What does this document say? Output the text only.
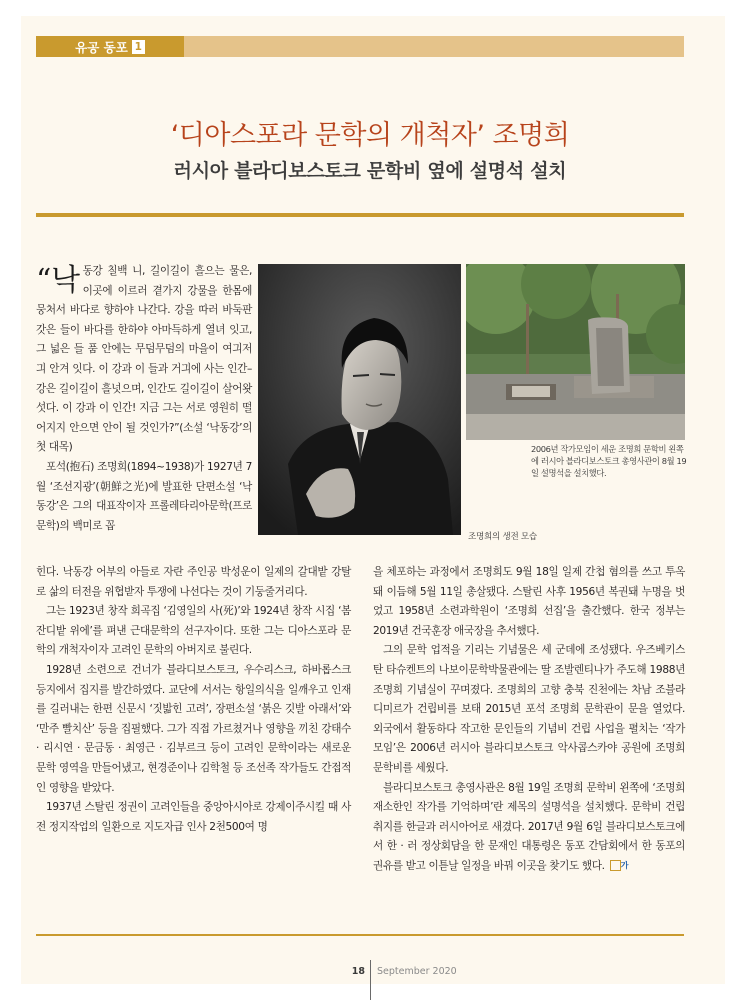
유공 동포 1
‘디아스포라 문학의 개척자’ 조명희
러시아 블라디보스토크 문학비 옆에 설명석 설치

“낙 동강 칠백 니, 길이길이 흘으는 물은, 이곳에 이르러 곁가지 강물을 한몸에 뭉처서 바다로 향하야 나간다. 강을 따러 바둑판 갓은 들이 바다를 한하야 아마득하게 열녀 잇고, 그 넓은 들 품 안에는 무덤무덤의 마을이 여긔저긔 안겨 잇다. 이 강과 이 들과 거긔에 사는 인간–강은 길이길이 흘넛으며, 인간도 길이길이 살어왓섯다. 이 강과 이 인간! 지금 그는 서로 영원히 떨어지지 안으면 안이 될 것인가?”(소설 ‘낙동강’의 첫 대목)

포석(抱石) 조명희(1894~1938)가 1927년 7월 ‘조선지광’(朝鮮之光)에 발표한 단편소설 ‘낙동강’은 그의 대표작이자 프롤레타리아문학(프로문학)의 백미로 꼽

조명희의 생전 모습
2006년 작가모임이 세운 조명희 문학비 왼쪽에 러시아 블라디보스토크 총영사관이 8월 19일 설명석을 설치했다.

힌다. 낙동강 어부의 아들로 자란 주인공 박성운이 일제의 갈대밭 강탈로 삶의 터전을 위협받자 투쟁에 나선다는 것이 기둥줄거리다.

그는 1923년 창작 희곡집 ‘김영일의 사(死)’와 1924년 창작 시집 ‘봄 잔디밭 위에’를 펴낸 근대문학의 선구자이다. 또한 그는 디아스포라 문학의 개척자이자 고려인 문학의 아버지로 불린다.

1928년 소련으로 건너가 블라디보스토크, 우수리스크, 하바롭스크 등지에서 집지를 발간하였다. 교단에 서서는 항일의식을 일깨우고 인재를 길러내는 한편 신문시 ‘짓밟힌 고려’, 장편소설 ‘붉은 깃발 아래서’와 ‘만주 빨치산’ 등을 집필했다. 그가 직접 가르쳤거나 영향을 끼친 강태수 · 리시연 · 문금동 · 최영근 · 김부르크 등이 고려인 문학이라는 새로운 문학 영역을 만들어냈고, 현경준이나 김학철 등 조선족 작가들도 간접적인 영향을 받았다.

1937년 스탈린 정권이 고려인들을 중앙아시아로 강제이주시킬 때 사전 정지작업의 일환으로 지도자급 인사 2천500여 명

을 체포하는 과정에서 조명희도 9월 18일 일제 간첩 혐의를 쓰고 투옥돼 이듬해 5월 11일 총살됐다. 스탈린 사후 1956년 복권돼 누명을 벗었고 1958년 소련과학원이 ‘조명희 선집’을 출간했다. 한국 정부는 2019년 건국훈장 애국장을 추서했다.

그의 문학 업적을 기리는 기념물은 세 군데에 조성됐다. 우즈베키스탄 타슈켄트의 나보이문학박물관에는 딸 조발렌티나가 주도해 1988년 조명희 기념실이 꾸며졌다. 조명희의 고향 충북 진천에는 차남 조블라디미르가 건립비를 보태 2015년 포석 조명희 문학관이 문을 열었다. 외국에서 활동하다 작고한 문인들의 기념비 건립 사업을 펼치는 ‘작가모임’은 2006년 러시아 블라디보스토크 악사콥스카야 공원에 조명희 문학비를 세웠다.

블라디보스토크 총영사관은 8월 19일 조명희 문학비 왼쪽에 ‘조명희 재소한인 작가를 기억하며’란 제목의 설명석을 설치했다. 문학비 건립 취지를 한글과 러시아어로 새겼다. 2017년 9월 6일 블라디보스토크에서 한 · 러 정상회담을 한 문재인 대통령은 동포 간담회에서 한 동포의 권유를 받고 이튿날 일정을 바꿔 이곳을 찾기도 했다. 가

18 September 2020
